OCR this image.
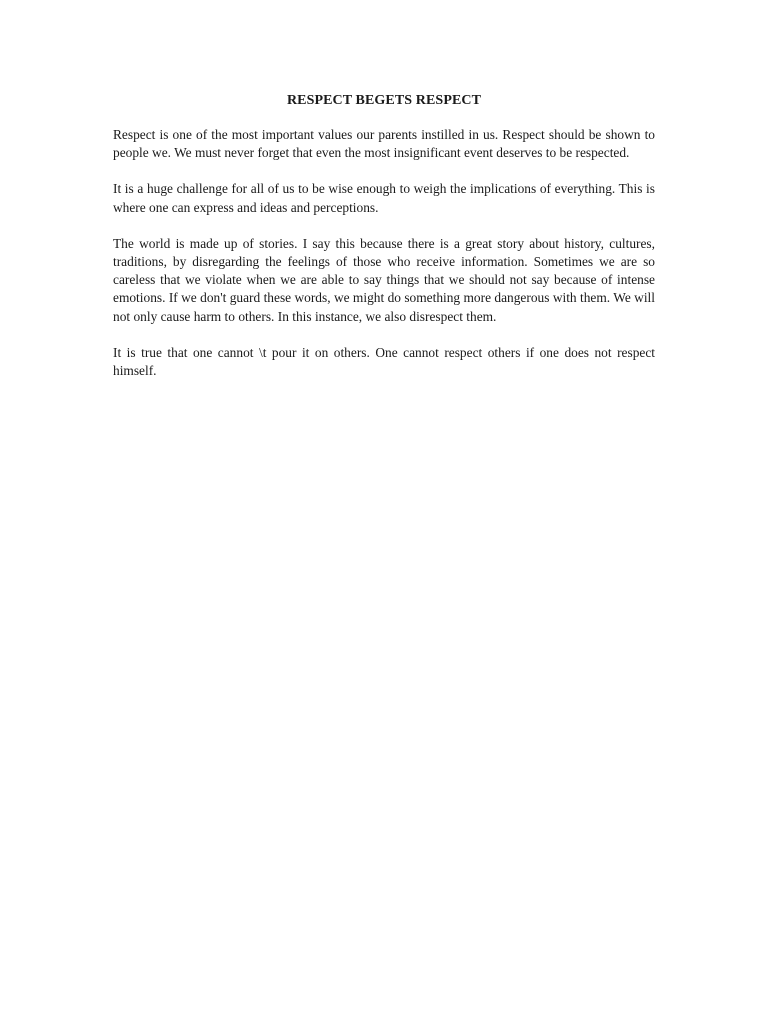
RESPECT BEGETS RESPECT

Respect is one of the most important values our parents instilled in us. Respect should be shown to people we. We must never forget that even the most insignificant event deserves to be respected.

It is a huge challenge for all of us to be wise enough to weigh the implications of everything. This is where one can express and ideas and perceptions.

The world is made up of stories. I say this because there is a great story about history, cultures, traditions, by disregarding the feelings of those who receive information. Sometimes we are so careless that we violate when we are able to say things that we should not say because of intense emotions. If we don't guard these words, we might do something more dangerous with them. We will not only cause harm to others. In this instance, we also disrespect them.

It is true that one cannot \t pour it on others. One cannot respect others if one does not respect himself.
